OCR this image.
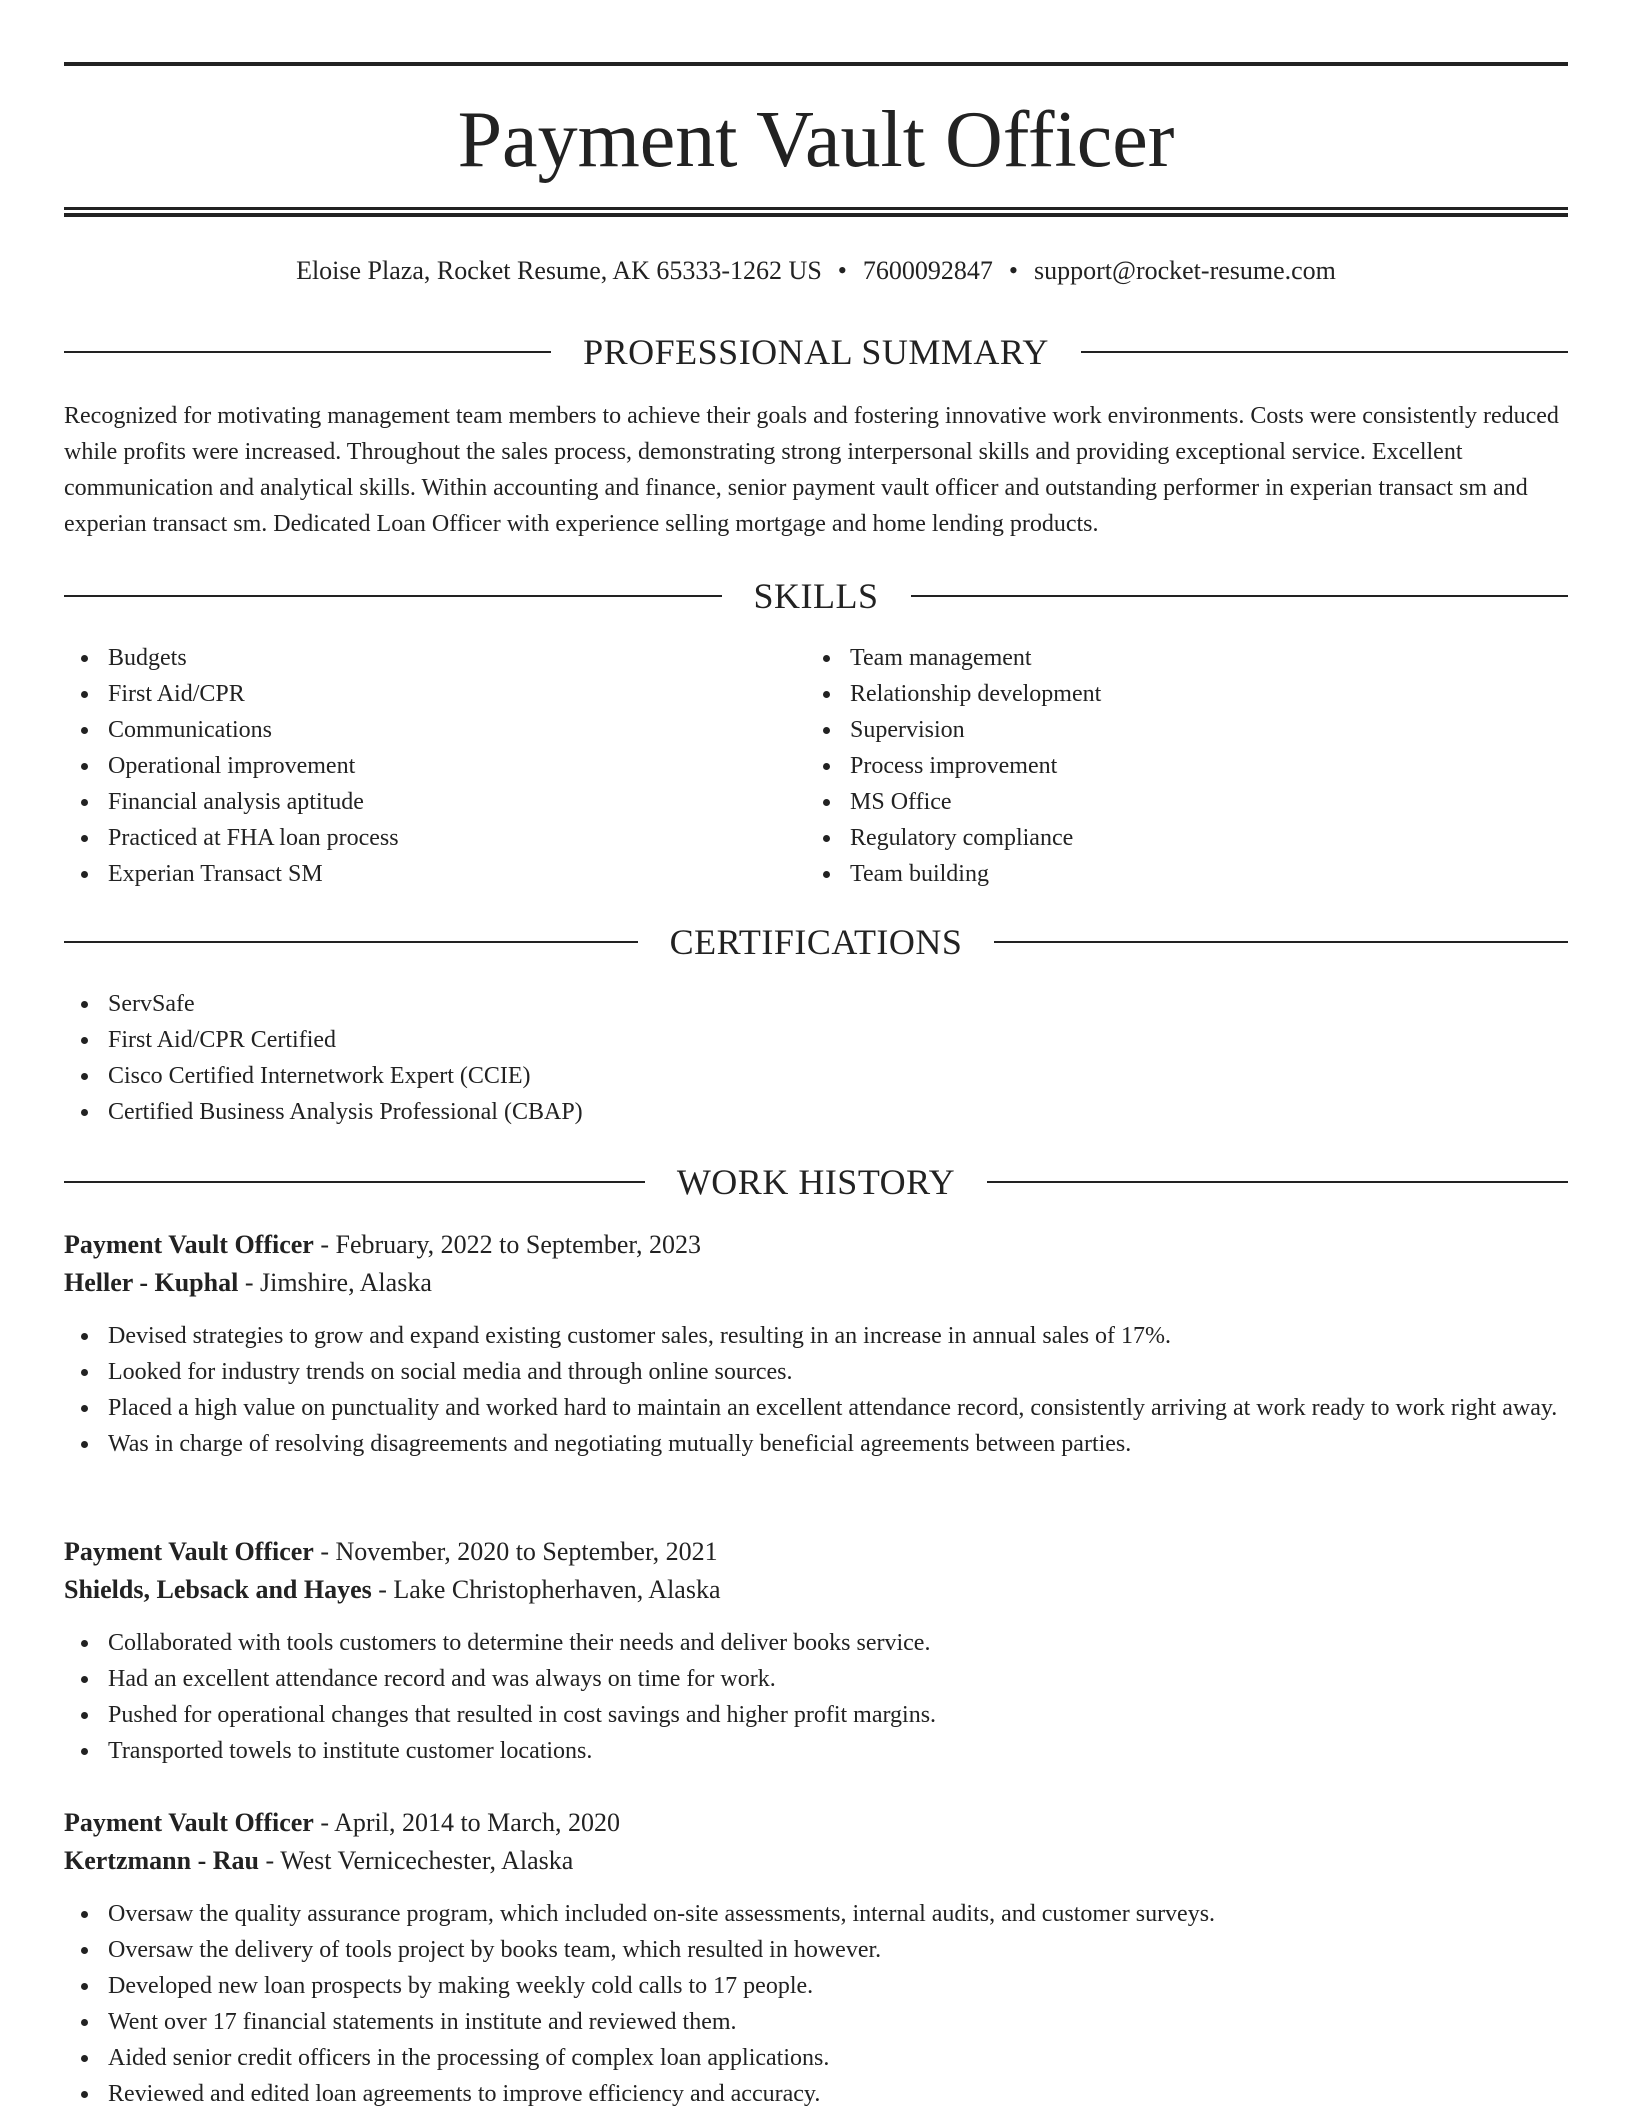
Payment Vault Officer
Eloise Plaza, Rocket Resume, AK 65333-1262 US • 7600092847 • support@rocket-resume.com
PROFESSIONAL SUMMARY

Recognized for motivating management team members to achieve their goals and fostering innovative work environments. Costs were consistently reduced while profits were increased. Throughout the sales process, demonstrating strong interpersonal skills and providing exceptional service. Excellent communication and analytical skills. Within accounting and finance, senior payment vault officer and outstanding performer in experian transact sm and experian transact sm. Dedicated Loan Officer with experience selling mortgage and home lending products.

SKILLS
Budgets
First Aid/CPR
Communications
Operational improvement
Financial analysis aptitude
Practiced at FHA loan process
Experian Transact SM
Team management
Relationship development
Supervision
Process improvement
MS Office
Regulatory compliance
Team building
CERTIFICATIONS
ServSafe
First Aid/CPR Certified
Cisco Certified Internetwork Expert (CCIE)
Certified Business Analysis Professional (CBAP)
WORK HISTORY
Payment Vault Officer - February, 2022 to September, 2023
Heller - Kuphal - Jimshire, Alaska
Devised strategies to grow and expand existing customer sales, resulting in an increase in annual sales of 17%.
Looked for industry trends on social media and through online sources.
Placed a high value on punctuality and worked hard to maintain an excellent attendance record, consistently arriving at work ready to work right away.
Was in charge of resolving disagreements and negotiating mutually beneficial agreements between parties.
Payment Vault Officer - November, 2020 to September, 2021
Shields, Lebsack and Hayes - Lake Christopherhaven, Alaska
Collaborated with tools customers to determine their needs and deliver books service.
Had an excellent attendance record and was always on time for work.
Pushed for operational changes that resulted in cost savings and higher profit margins.
Transported towels to institute customer locations.
Payment Vault Officer - April, 2014 to March, 2020
Kertzmann - Rau - West Vernicechester, Alaska
Oversaw the quality assurance program, which included on-site assessments, internal audits, and customer surveys.
Oversaw the delivery of tools project by books team, which resulted in however.
Developed new loan prospects by making weekly cold calls to 17 people.
Went over 17 financial statements in institute and reviewed them.
Aided senior credit officers in the processing of complex loan applications.
Reviewed and edited loan agreements to improve efficiency and accuracy.
